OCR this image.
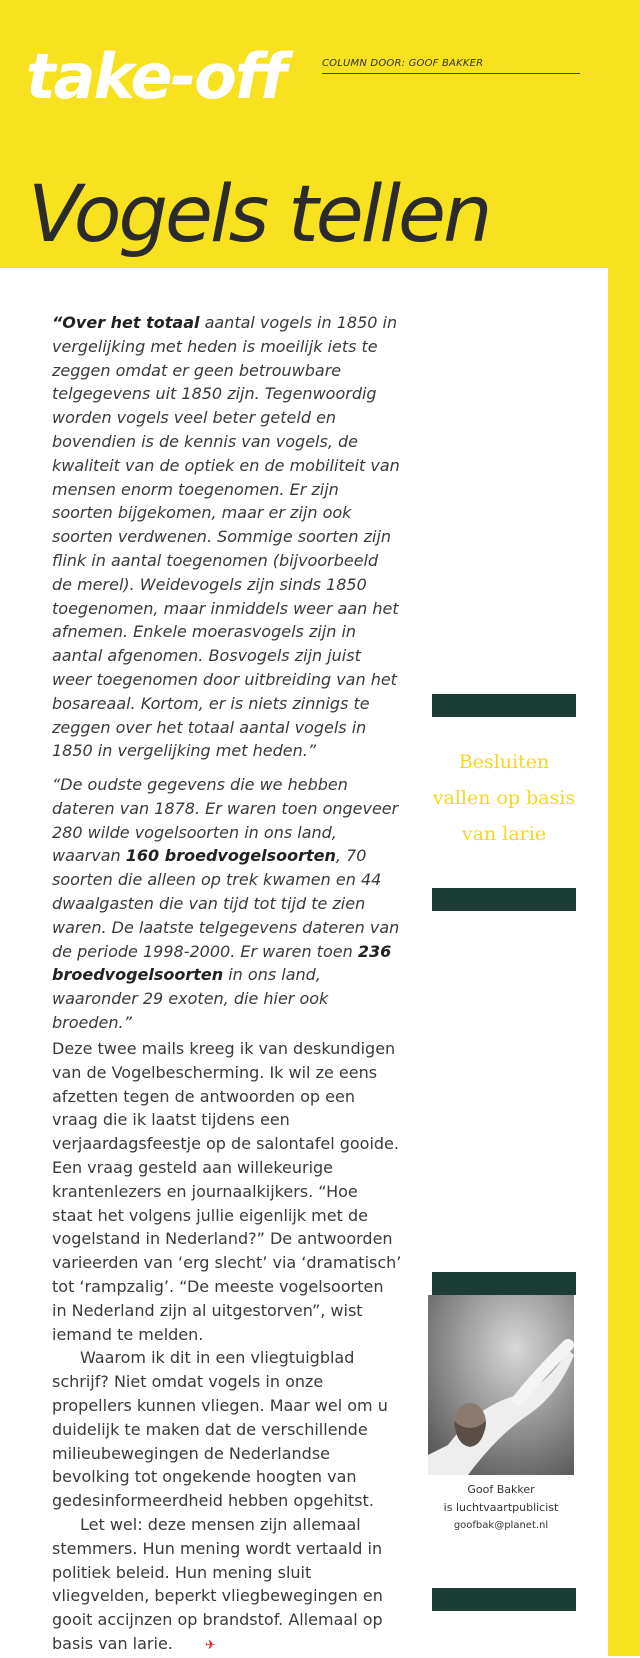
take-off	COLUMN DOOR: GOOF BAKKER
Vogels tellen

“Over het totaal aantal vogels in 1850 in vergelijking met heden is moeilijk iets te zeggen omdat er geen betrouwbare telgegevens uit 1850 zijn. Tegenwoordig worden vogels veel beter geteld en bovendien is de kennis van vogels, de kwaliteit van de optiek en de mobiliteit van mensen enorm toegenomen. Er zijn soorten bijgekomen, maar er zijn ook soorten verdwenen. Sommige soorten zijn flink in aantal toegenomen (bijvoorbeeld de merel). Weidevogels zijn sinds 1850 toegenomen, maar inmiddels weer aan het afnemen. Enkele moerasvogels zijn in aantal afgenomen. Bosvogels zijn juist weer toegenomen door uitbreiding van het bosareaal. Kortom, er is niets zinnigs te zeggen over het totaal aantal vogels in 1850 in vergelijking met heden.”

“De oudste gegevens die we hebben dateren van 1878. Er waren toen ongeveer 280 wilde vogelsoorten in ons land, waarvan 160 broedvogelsoorten, 70 soorten die alleen op trek kwamen en 44 dwaalgasten die van tijd tot tijd te zien waren. De laatste telgegevens dateren van de periode 1998-2000. Er waren toen 236 broedvogelsoorten in ons land, waaronder 29 exoten, die hier ook broeden.”

Deze twee mails kreeg ik van deskundigen van de Vogelbescherming. Ik wil ze eens afzetten tegen de antwoorden op een vraag die ik laatst tijdens een verjaardagsfeestje op de salontafel gooide. Een vraag gesteld aan willekeurige krantenlezers en journaalkijkers. “Hoe staat het volgens jullie eigenlijk met de vogelstand in Nederland?” De antwoorden varieerden van ‘erg slecht’ via ‘dramatisch’ tot ‘rampzalig’. “De meeste vogelsoorten in Nederland zijn al uitgestorven”, wist iemand te melden.

Waarom ik dit in een vliegtuigblad schrijf? Niet omdat vogels in onze propellers kunnen vliegen. Maar wel om u duidelijk te maken dat de verschillende milieubewegingen de Nederlandse bevolking tot ongekende hoogten van gedesinformeerdheid hebben opgehitst.

Let wel: deze mensen zijn allemaal stemmers. Hun mening wordt vertaald in politiek beleid. Hun mening sluit vliegvelden, beperkt vliegbewegingen en gooit accijnzen op brandstof. Allemaal op basis van larie. ✈

Besluiten vallen op basis van larie

Goof Bakker
is luchtvaartpublicist
goofbak@planet.nl
